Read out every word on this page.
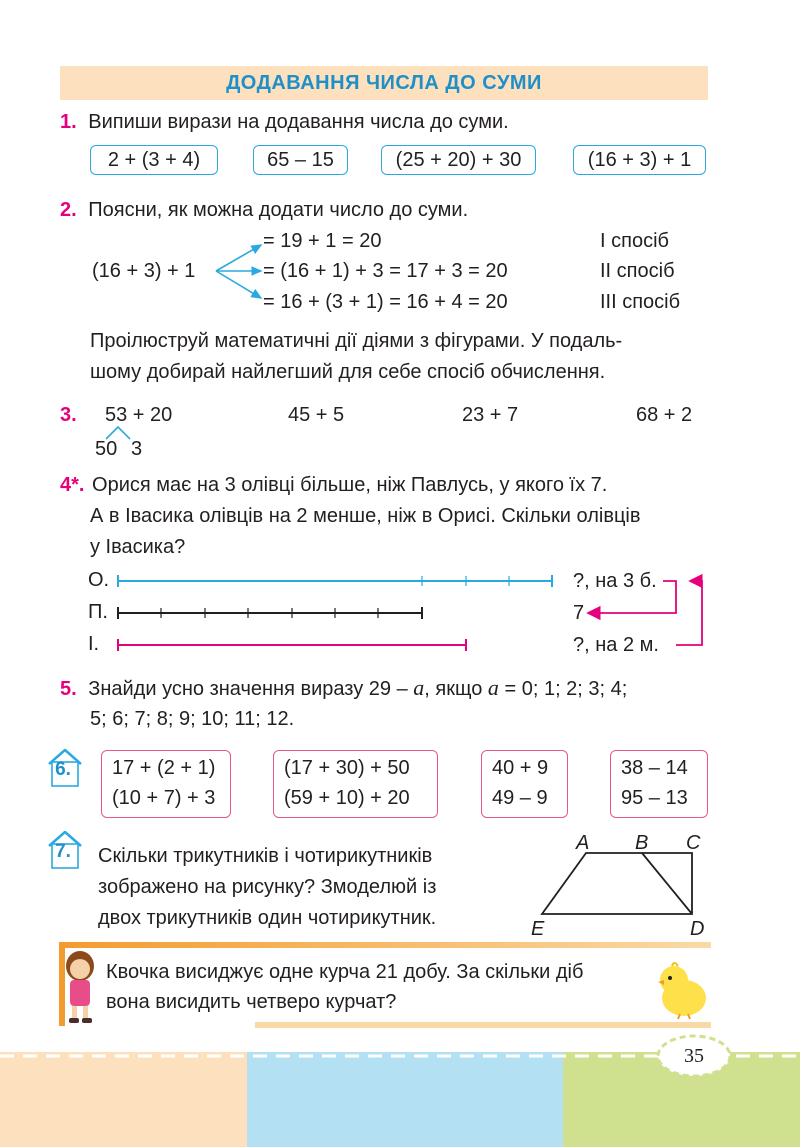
ДОДАВАННЯ ЧИСЛА ДО СУМИ
1. Випиши вирази на додавання числа до суми.
2 + (3 + 4)	65 – 15	(25 + 20) + 30	(16 + 3) + 1
2. Поясни, як можна додати число до суми.
(16 + 3) + 1
= 19 + 1 = 20
= (16 + 1) + 3 = 17 + 3 = 20
= 16 + (3 + 1) = 16 + 4 = 20
І спосіб
ІІ спосіб
ІІІ спосіб
Проілюструй математичні дії діями з фігурами. У подаль-
шому добирай найлегший для себе спосіб обчислення.
3. 53 + 20	45 + 5	23 + 7	68 + 2
50 3
4*. Орися має на 3 олівці більше, ніж Павлусь, у якого їх 7.
А в Івасика олівців на 2 менше, ніж в Орисі. Скільки олівців
у Івасика?
О.
П.
І.
?, на 3 б.
7
?, на 2 м.
5. Знайди усно значення виразу 29 – a, якщо a = 0; 1; 2; 3; 4;
5; 6; 7; 8; 9; 10; 11; 12.
6. 17 + (2 + 1)
(10 + 7) + 3
(17 + 30) + 50
(59 + 10) + 20
40 + 9
49 – 9
38 – 14
95 – 13
7. Скільки трикутників і чотирикутників
зображено на рисунку? Змоделюй із
двох трикутників один чотирикутник.
A B C
E	D
Квочка висиджує одне курча 21 добу. За скільки діб
вона висидить четверо курчат?
35
